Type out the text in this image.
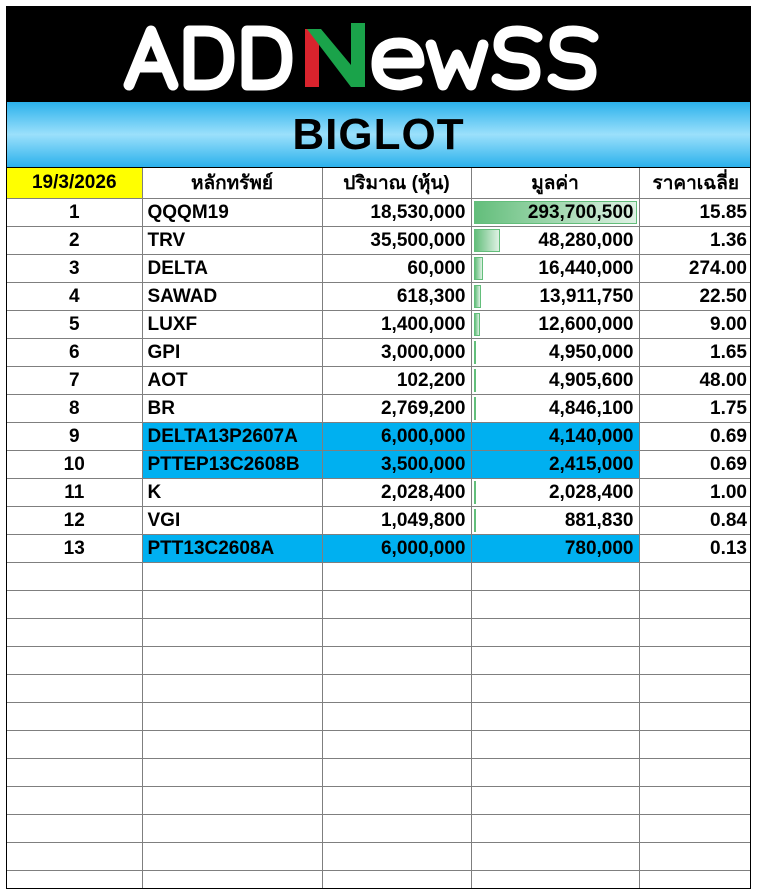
BIGLOT
19/3/2026	หลักทรัพย์	ปริมาณ (หุ้น)	มูลค่า	ราคาเฉลี่ย
1	QQQM19	18,530,000	293,700,500	15.85
2	TRV	35,500,000	48,280,000	1.36
3	DELTA	60,000	16,440,000	274.00
4	SAWAD	618,300	13,911,750	22.50
5	LUXF	1,400,000	12,600,000	9.00
6	GPI	3,000,000	4,950,000	1.65
7	AOT	102,200	4,905,600	48.00
8	BR	2,769,200	4,846,100	1.75
9	DELTA13P2607A	6,000,000	4,140,000	0.69
10	PTTEP13C2608B	3,500,000	2,415,000	0.69
11	K	2,028,400	2,028,400	1.00
12	VGI	1,049,800	881,830	0.84
13	PTT13C2608A	6,000,000	780,000	0.13
